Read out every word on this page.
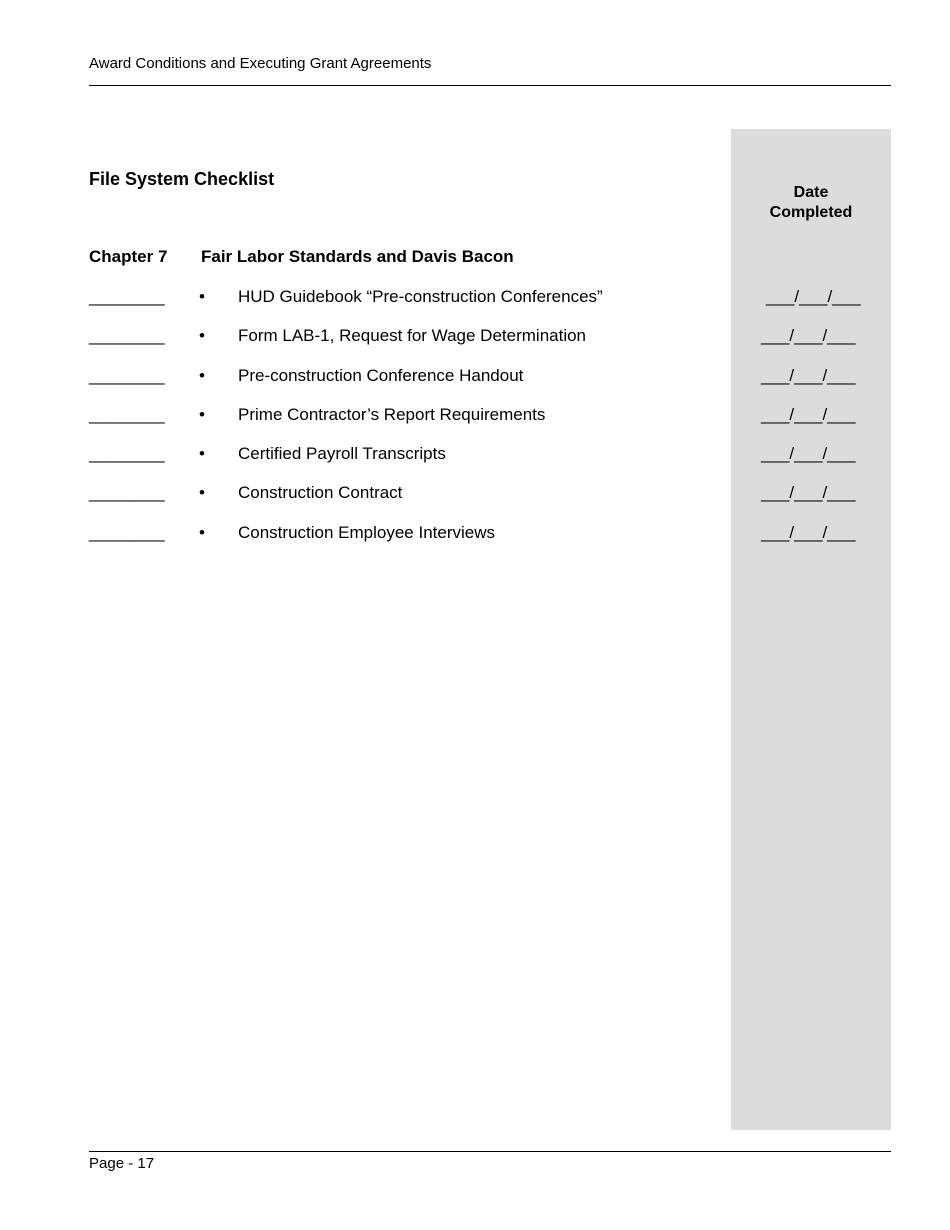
Award Conditions and Executing Grant Agreements
Date
Completed
File System Checklist
Chapter 7 Fair Labor Standards and Davis Bacon
________ • HUD Guidebook “Pre-construction Conferences”	___/___/___
________ • Form LAB-1, Request for Wage Determination	___/___/___
________ • Pre-construction Conference Handout	___/___/___
________ • Prime Contractor’s Report Requirements	___/___/___
________ • Certified Payroll Transcripts	___/___/___
________ • Construction Contract	___/___/___
________ • Construction Employee Interviews	___/___/___
Page - 17
